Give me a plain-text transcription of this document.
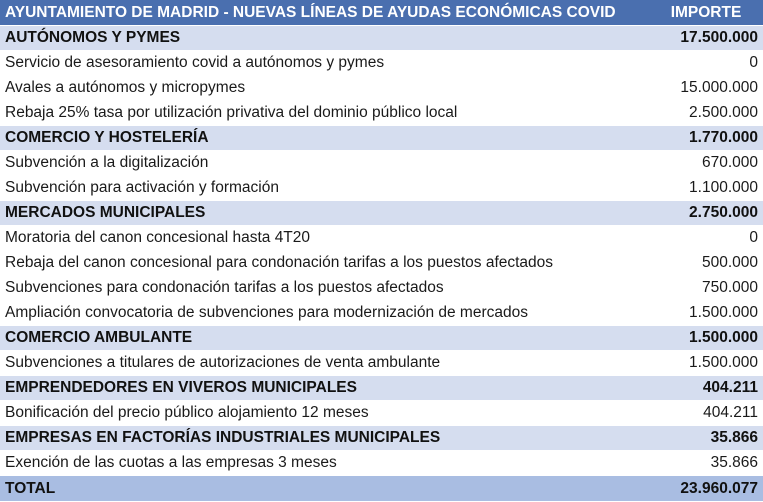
AYUNTAMIENTO DE MADRID - NUEVAS LÍNEAS DE AYUDAS ECONÓMICAS COVID	IMPORTE
AUTÓNOMOS Y PYMES	17.500.000
Servicio de asesoramiento covid a autónomos y pymes	0
Avales a autónomos y micropymes	15.000.000
Rebaja 25% tasa por utilización privativa del dominio público local	2.500.000
COMERCIO Y HOSTELERÍA	1.770.000
Subvención a la digitalización	670.000
Subvención para activación y formación	1.100.000
MERCADOS MUNICIPALES	2.750.000
Moratoria del canon concesional hasta 4T20	0
Rebaja del canon concesional para condonación tarifas a los puestos afectados	500.000
Subvenciones para condonación tarifas a los puestos afectados	750.000
Ampliación convocatoria de subvenciones para modernización de mercados	1.500.000
COMERCIO AMBULANTE	1.500.000
Subvenciones a titulares de autorizaciones de venta ambulante	1.500.000
EMPRENDEDORES EN VIVEROS MUNICIPALES	404.211
Bonificación del precio público alojamiento 12 meses	404.211
EMPRESAS EN FACTORÍAS INDUSTRIALES MUNICIPALES	35.866
Exención de las cuotas a las empresas 3 meses	35.866
TOTAL	23.960.077
